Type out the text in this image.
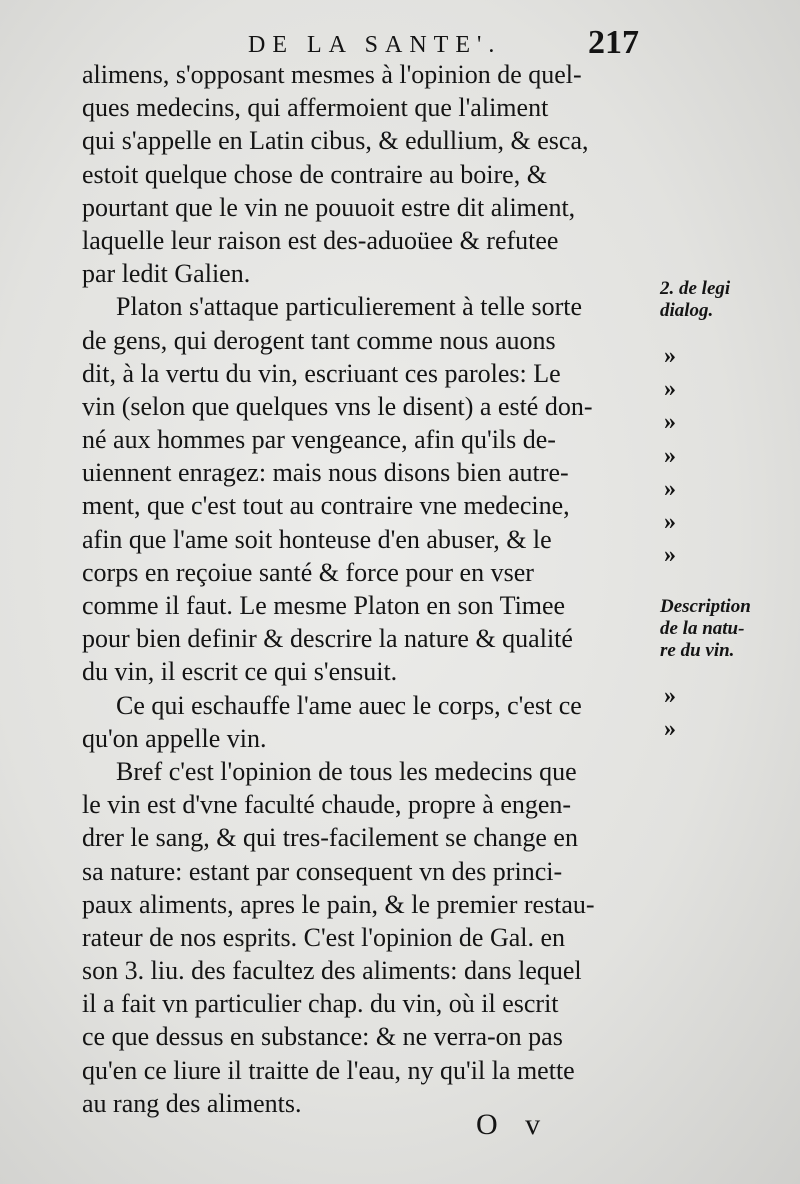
DE LA SANTE'.	217
alimens, s'opposant mesmes à l'opinion de quel-
ques medecins, qui affermoient que l'aliment
qui s'appelle en Latin cibus, & edullium, & esca,
estoit quelque chose de contraire au boire, &
pourtant que le vin ne pouuoit estre dit aliment,
laquelle leur raison est des-aduoüee & refutee
par ledit Galien.
Platon s'attaque particulierement à telle sorte
de gens, qui derogent tant comme nous auons
dit, à la vertu du vin, escriuant ces paroles: Le
vin (selon que quelques vns le disent) a esté don-
né aux hommes par vengeance, afin qu'ils de-
uiennent enragez: mais nous disons bien autre-
ment, que c'est tout au contraire vne medecine,
afin que l'ame soit honteuse d'en abuser, & le
corps en reçoiue santé & force pour en vser
comme il faut. Le mesme Platon en son Timee
pour bien definir & descrire la nature & qualité
du vin, il escrit ce qui s'ensuit.
Ce qui eschauffe l'ame auec le corps, c'est ce
qu'on appelle vin.
Bref c'est l'opinion de tous les medecins que
le vin est d'vne faculté chaude, propre à engen-
drer le sang, & qui tres-facilement se change en
sa nature: estant par consequent vn des princi-
paux aliments, apres le pain, & le premier restau-
rateur de nos esprits. C'est l'opinion de Gal. en
son 3. liu. des facultez des aliments: dans lequel
il a fait vn particulier chap. du vin, où il escrit
ce que dessus en substance: & ne verra-on pas
qu'en ce liure il traitte de l'eau, ny qu'il la mette
au rang des aliments.
2. de legi
dialog.
»
»
»
»
»
»
»
Description
de la natu-
re du vin.
»
»
O v
